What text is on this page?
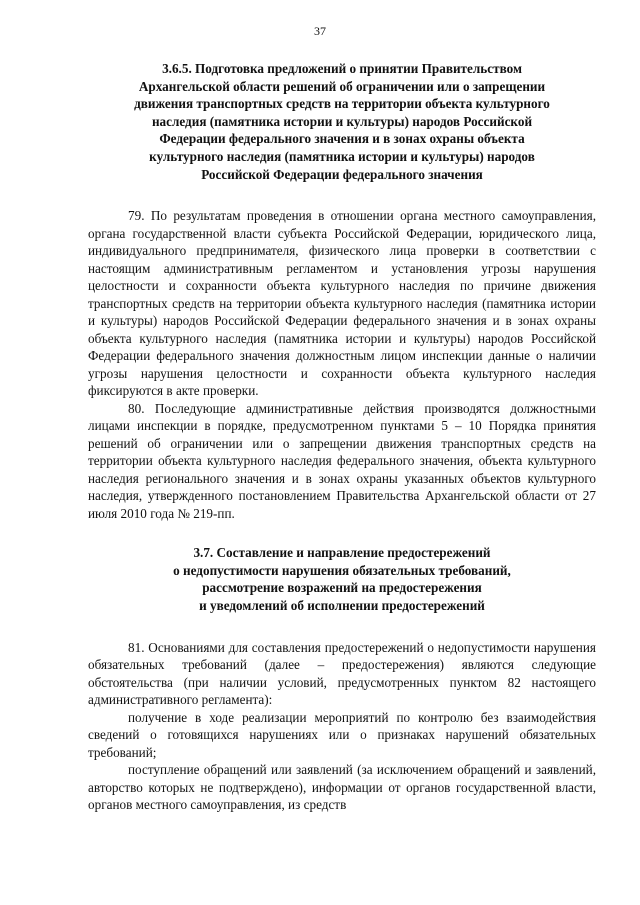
37
3.6.5. Подготовка предложений о принятии Правительством
Архангельской области решений об ограничении или о запрещении
движения транспортных средств на территории объекта культурного
наследия (памятника истории и культуры) народов Российской
Федерации федерального значения и в зонах охраны объекта
культурного наследия (памятника истории и культуры) народов
Российской Федерации федерального значения

79. По результатам проведения в отношении органа местного самоуправления, органа государственной власти субъекта Российской Федерации, юридического лица, индивидуального предпринимателя, физического лица проверки в соответствии с настоящим административным регламентом и установления угрозы нарушения целостности и сохранности объекта культурного наследия по причине движения транспортных средств на территории объекта культурного наследия (памятника истории и культуры) народов Российской Федерации федерального значения и в зонах охраны объекта культурного наследия (памятника истории и культуры) народов Российской Федерации федерального значения должностным лицом инспекции данные о наличии угрозы нарушения целостности и сохранности объекта культурного наследия фиксируются в акте проверки.

80. Последующие административные действия производятся должностными лицами инспекции в порядке, предусмотренном пунктами 5 – 10 Порядка принятия решений об ограничении или о запрещении движения транспортных средств на территории объекта культурного наследия федерального значения, объекта культурного наследия регионального значения и в зонах охраны указанных объектов культурного наследия, утвержденного постановлением Правительства Архангельской области от 27 июля 2010 года № 219-пп.

3.7. Составление и направление предостережений
о недопустимости нарушения обязательных требований,
рассмотрение возражений на предостережения
и уведомлений об исполнении предостережений

81. Основаниями для составления предостережений о недопустимости нарушения обязательных требований (далее – предостережения) являются следующие обстоятельства (при наличии условий, предусмотренных пунктом 82 настоящего административного регламента):

получение в ходе реализации мероприятий по контролю без взаимодействия сведений о готовящихся нарушениях или о признаках нарушений обязательных требований;

поступление обращений или заявлений (за исключением обращений и заявлений, авторство которых не подтверждено), информации от органов государственной власти, органов местного самоуправления, из средств
